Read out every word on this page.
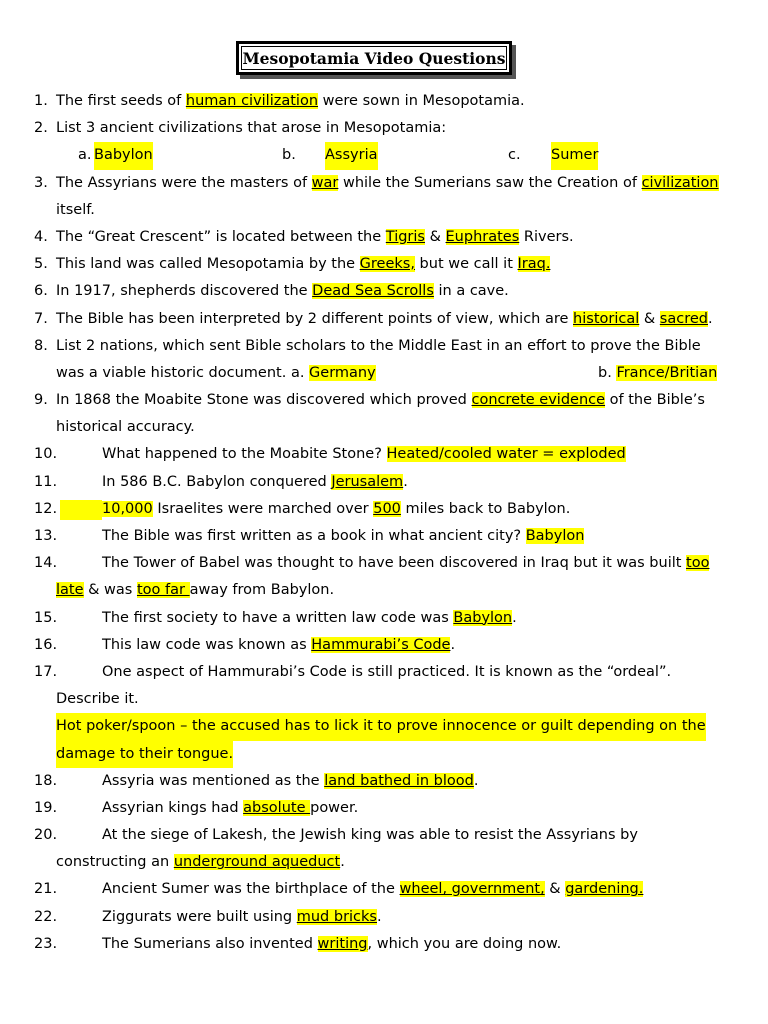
Mesopotamia Video Questions
1. The first seeds of human civilization were sown in Mesopotamia.
2. List 3 ancient civilizations that arose in Mesopotamia:
a. Babylon	b. Assyria	c. Sumer
3. The Assyrians were the masters of war while the Sumerians saw the Creation of civilization
itself.
4. The “Great Crescent” is located between the Tigris & Euphrates Rivers.
5. This land was called Mesopotamia by the Greeks, but we call it Iraq.
6. In 1917, shepherds discovered the Dead Sea Scrolls in a cave.
7. The Bible has been interpreted by 2 different points of view, which are historical & sacred.
8. List 2 nations, which sent Bible scholars to the Middle East in an effort to prove the Bible
was a viable historic document. a. Germany	b. France/Britian
9. In 1868 the Moabite Stone was discovered which proved concrete evidence of the Bible’s
historical accuracy.
10.	What happened to the Moabite Stone? Heated/cooled water = exploded
11.	In 586 B.C. Babylon conquered Jerusalem.
12.	10,000 Israelites were marched over 500 miles back to Babylon.
13.	The Bible was first written as a book in what ancient city? Babylon
14.	The Tower of Babel was thought to have been discovered in Iraq but it was built too
late & was too far away from Babylon.
15.	The first society to have a written law code was Babylon.
16.	This law code was known as Hammurabi’s Code.
17.	One aspect of Hammurabi’s Code is still practiced. It is known as the “ordeal”.
Describe it.
Hot poker/spoon – the accused has to lick it to prove innocence or guilt depending on the
damage to their tongue.
18.	Assyria was mentioned as the land bathed in blood.
19.	Assyrian kings had absolute power.
20.	At the siege of Lakesh, the Jewish king was able to resist the Assyrians by
constructing an underground aqueduct.
21.	Ancient Sumer was the birthplace of the wheel, government, & gardening.
22.	Ziggurats were built using mud bricks.
23.	The Sumerians also invented writing, which you are doing now.
